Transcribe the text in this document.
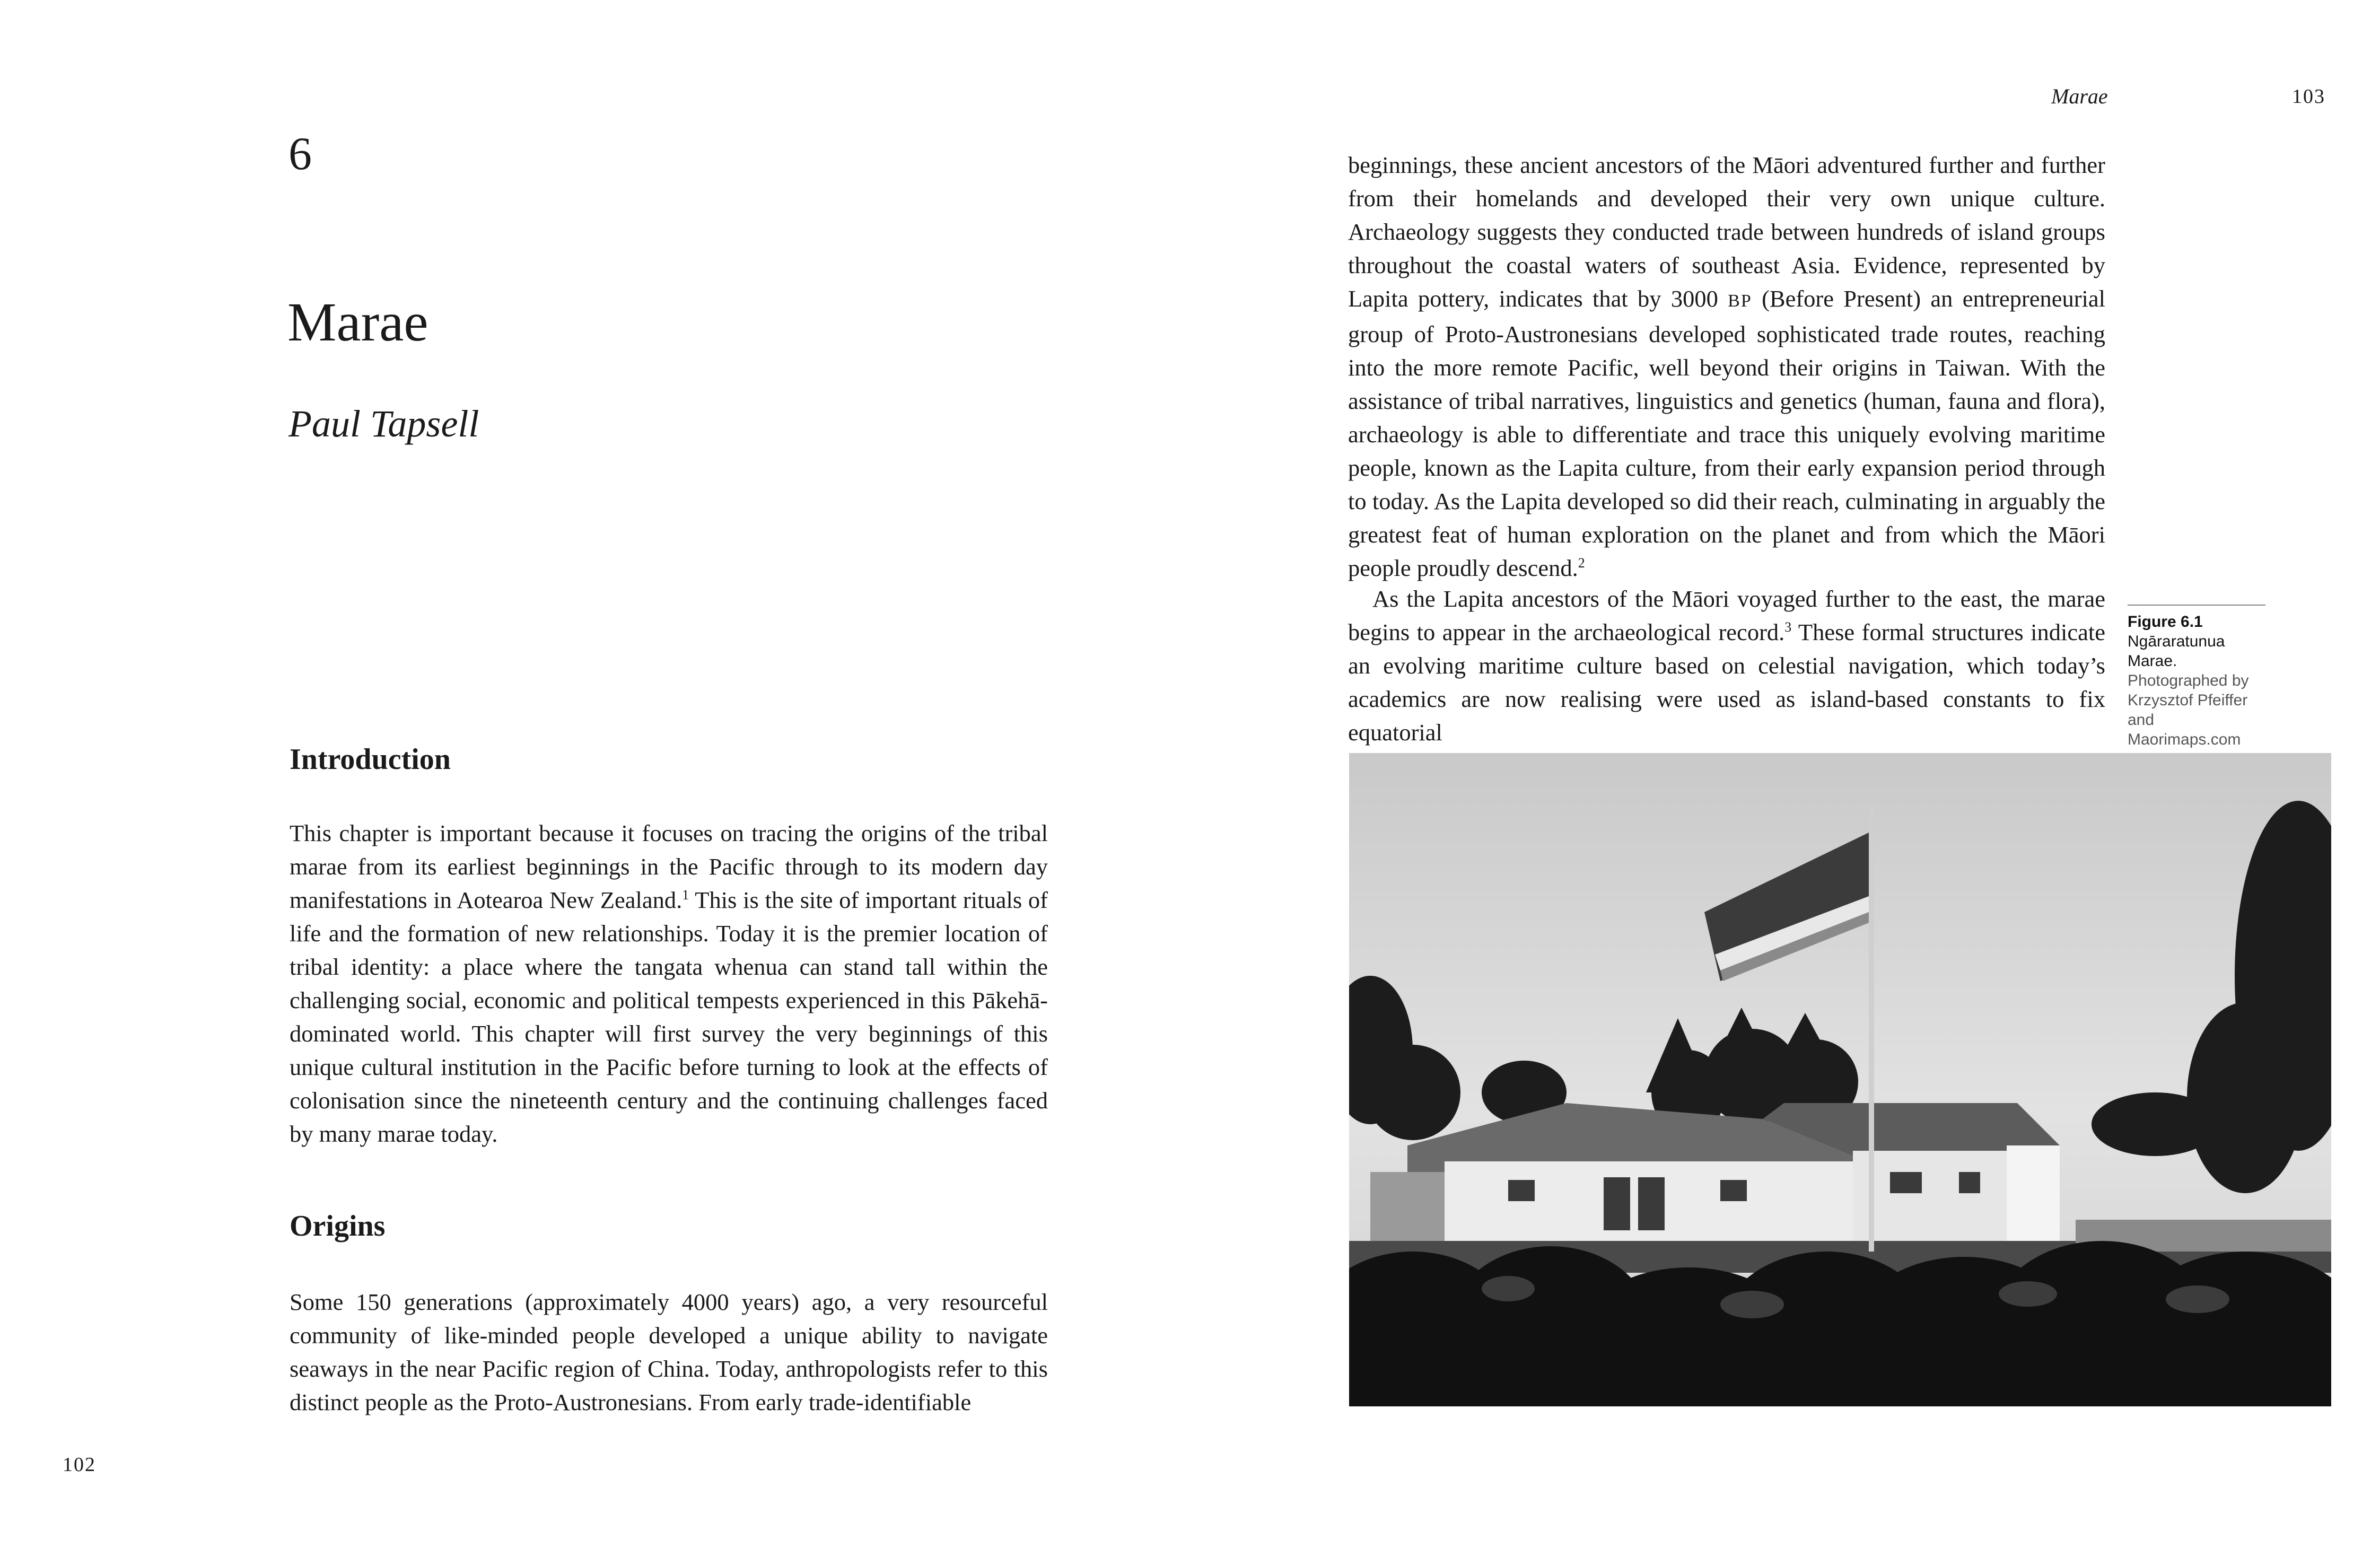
6
Marae
Paul Tapsell
Introduction

This chapter is important because it focuses on tracing the origins of the tribal marae from its earliest beginnings in the Pacific through to its modern day manifestations in Aotearoa New Zealand.$^1$ This is the site of important rituals of life and the formation of new relationships. Today it is the premier location of tribal identity: a place where the tangata whenua can stand tall within the challenging social, economic and political tempests experienced in this Pākehā-dominated world. This chapter will first survey the very beginnings of this unique cultural institution in the Pacific before turning to look at the effects of colonisation since the nineteenth century and the continuing challenges faced by many marae today.

Origins

Some 150 generations (approximately 4000 years) ago, a very resourceful community of like-minded people developed a unique ability to navigate seaways in the near Pacific region of China. Today, anthropologists refer to this distinct people as the Proto-Austronesians. From early trade-identifiable

102
Marae	103

beginnings, these ancient ancestors of the Māori adventured further and further from their homelands and developed their very own unique culture. Archaeology suggests they conducted trade between hundreds of island groups throughout the coastal waters of southeast Asia. Evidence, represented by Lapita pottery, indicates that by 3000 BP (Before Present) an entrepreneurial group of Proto-Austronesians developed sophisticated trade routes, reaching into the more remote Pacific, well beyond their origins in Taiwan. With the assistance of tribal narratives, linguistics and genetics (human, fauna and flora), archaeology is able to differentiate and trace this uniquely evolving maritime people, known as the Lapita culture, from their early expansion period through to today. As the Lapita developed so did their reach, culminating in arguably the greatest feat of human exploration on the planet and from which the Māori people proudly descend.$^2$

As the Lapita ancestors of the Māori voyaged further to the east, the marae begins to appear in the archaeological record.$^3$ These formal structures indicate an evolving maritime culture based on celestial navigation, which today’s academics are now realising were used as island-based constants to fix equatorial

Figure 6.1
Ngāraratunua Marae.
Photographed by Krzysztof Pfeiffer and Maorimaps.com
